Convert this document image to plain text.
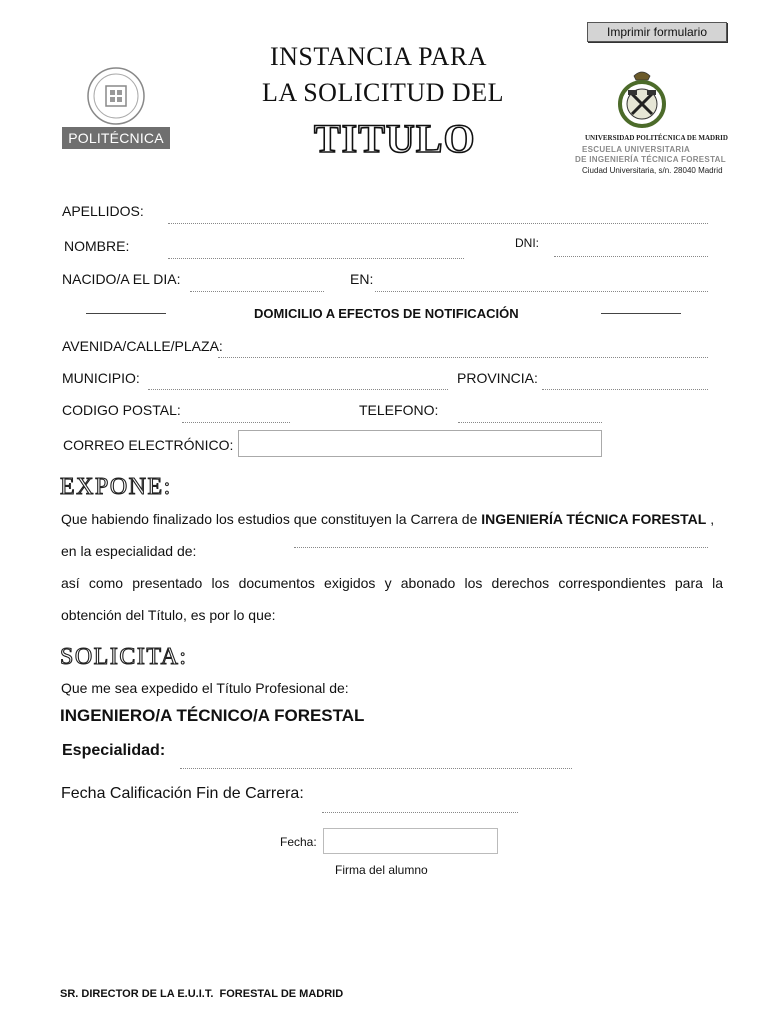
Imprimir formulario
POLITÉCNICA
INSTANCIA PARA
LA SOLICITUD DEL
TITULO	UNIVERSIDAD POLITÉCNICA DE MADRID
ESCUELA UNIVERSITARIA
DE INGENIERÍA TÉCNICA FORESTAL
Ciudad Universitaria, s/n. 28040 Madrid
APELLIDOS:
NOMBRE:	DNI:
NACIDO/A EL DIA:	EN:
DOMICILIO A EFECTOS DE NOTIFICACIÓN
AVENIDA/CALLE/PLAZA:
MUNICIPIO:	PROVINCIA:
CODIGO POSTAL:	TELEFONO:
CORREO ELECTRÓNICO:
EXPONE:
Que habiendo finalizado los estudios que constituyen la Carrera de INGENIERÍA TÉCNICA FORESTAL ,
en la especialidad de:
así como presentado los documentos exigidos y abonado los derechos correspondientes para la
obtención del Título, es por lo que:
SOLICITA:
Que me sea expedido el Título Profesional de:
INGENIERO/A TÉCNICO/A FORESTAL
Especialidad:
Fecha Calificación Fin de Carrera:
Fecha:
Firma del alumno
SR. DIRECTOR DE LA E.U.I.T.  FORESTAL DE MADRID
